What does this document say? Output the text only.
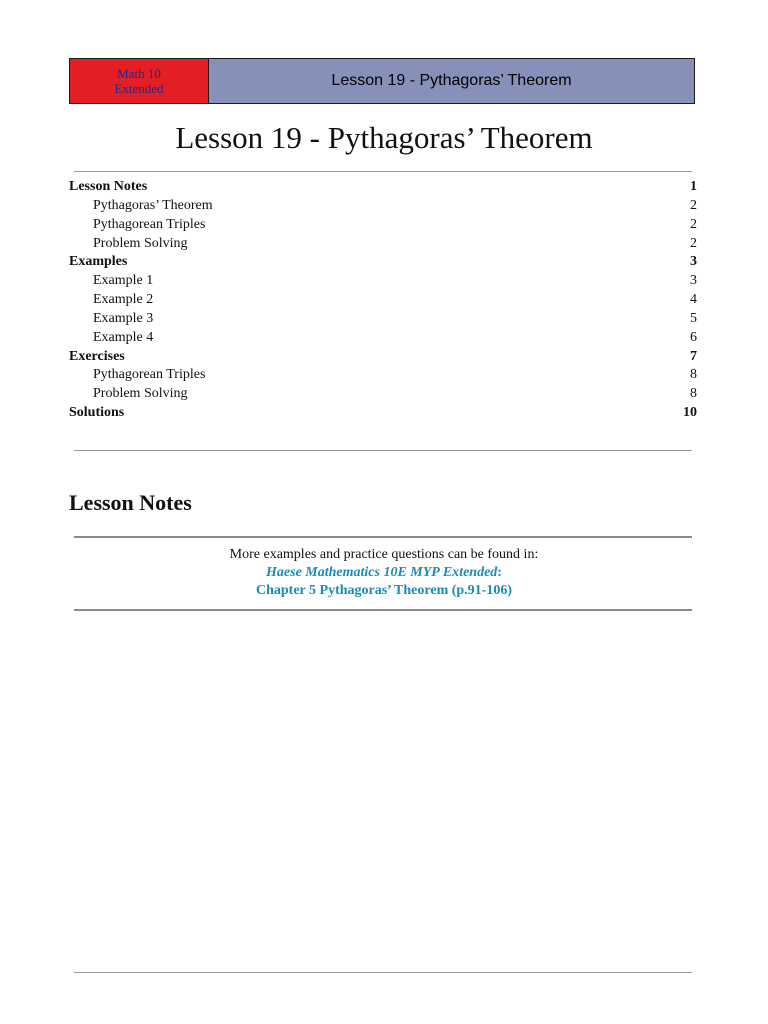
Math 10
Extended	Lesson 19 - Pythagoras’ Theorem
Lesson 19 - Pythagoras’ Theorem
Lesson Notes	1
Pythagoras’ Theorem	2
Pythagorean Triples	2
Problem Solving	2
Examples	3
Example 1	3
Example 2	4
Example 3	5
Example 4	6
Exercises	7
Pythagorean Triples	8
Problem Solving	8
Solutions	10
Lesson Notes
More examples and practice questions can be found in:
Haese Mathematics 10E MYP Extended:
Chapter 5 Pythagoras’ Theorem (p.91-106)
